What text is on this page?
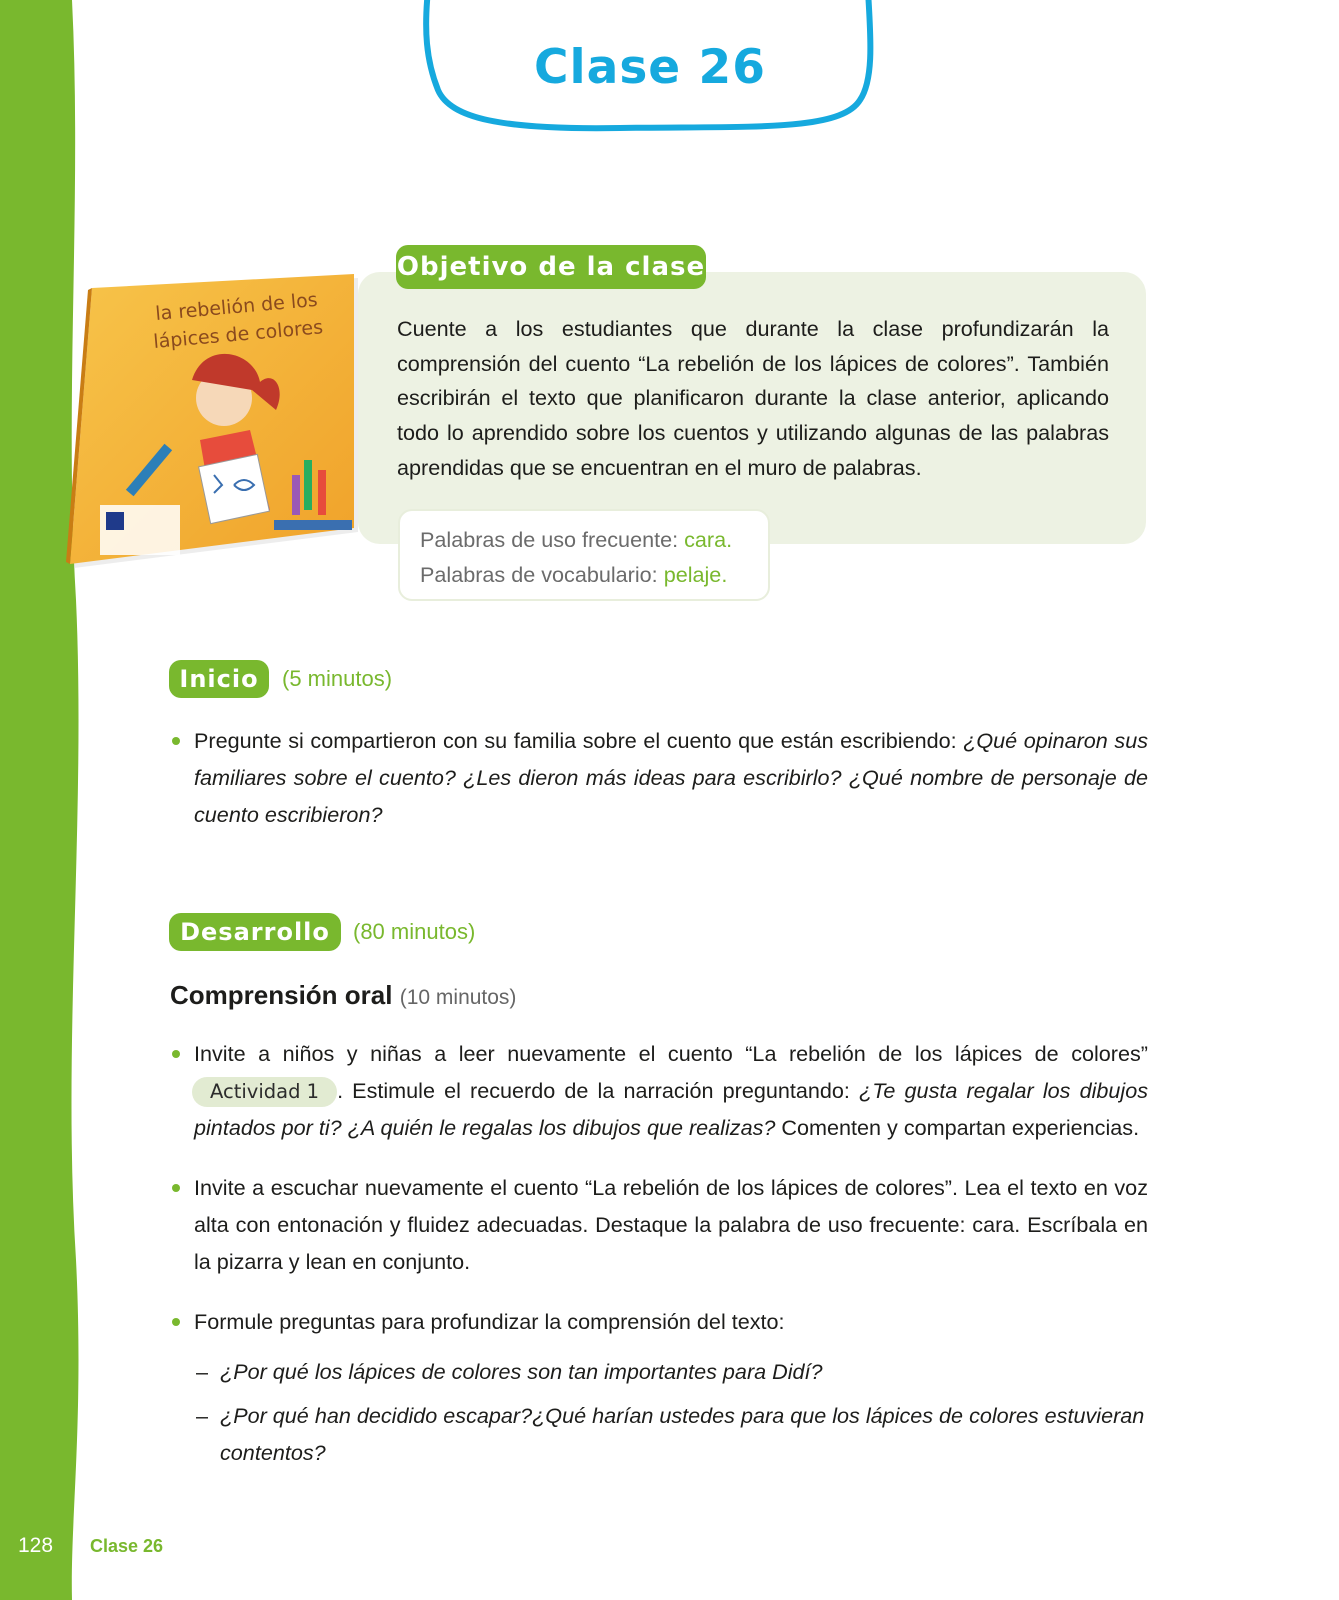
Clase 26
la rebelión de los
lápices de colores
Objetivo de la clase

Cuente a los estudiantes que durante la clase profundizarán la comprensión del cuento “La rebelión de los lápices de colores”. También escribirán el texto que planificaron durante la clase anterior, aplicando todo lo aprendido sobre los cuentos y utilizando algunas de las palabras aprendidas que se encuentran en el muro de palabras.

Palabras de uso frecuente: cara.
Palabras de vocabulario: pelaje.
Inicio	(5 minutos)
Pregunte si compartieron con su familia sobre el cuento que están escribiendo: ¿Qué opinaron sus familiares sobre el cuento? ¿Les dieron más ideas para escribirlo? ¿Qué nombre de personaje de cuento escribieron?
Desarrollo	(80 minutos)
Comprensión oral (10 minutos)
Invite a niños y niñas a leer nuevamente el cuento “La rebelión de los lápices de colores” Actividad 1 . Estimule el recuerdo de la narración preguntando: ¿Te gusta regalar los dibujos pintados por ti? ¿A quién le regalas los dibujos que realizas? Comenten y compartan experiencias.
Invite a escuchar nuevamente el cuento “La rebelión de los lápices de colores”. Lea el texto en voz alta con entonación y fluidez adecuadas. Destaque la palabra de uso frecuente: cara. Escríbala en la pizarra y lean en conjunto.
Formule preguntas para profundizar la comprensión del texto:
– ¿Por qué los lápices de colores son tan importantes para Didí?
– ¿Por qué han decidido escapar?¿Qué harían ustedes para que los lápices de colores estuvieran contentos?
128 Clase 26
